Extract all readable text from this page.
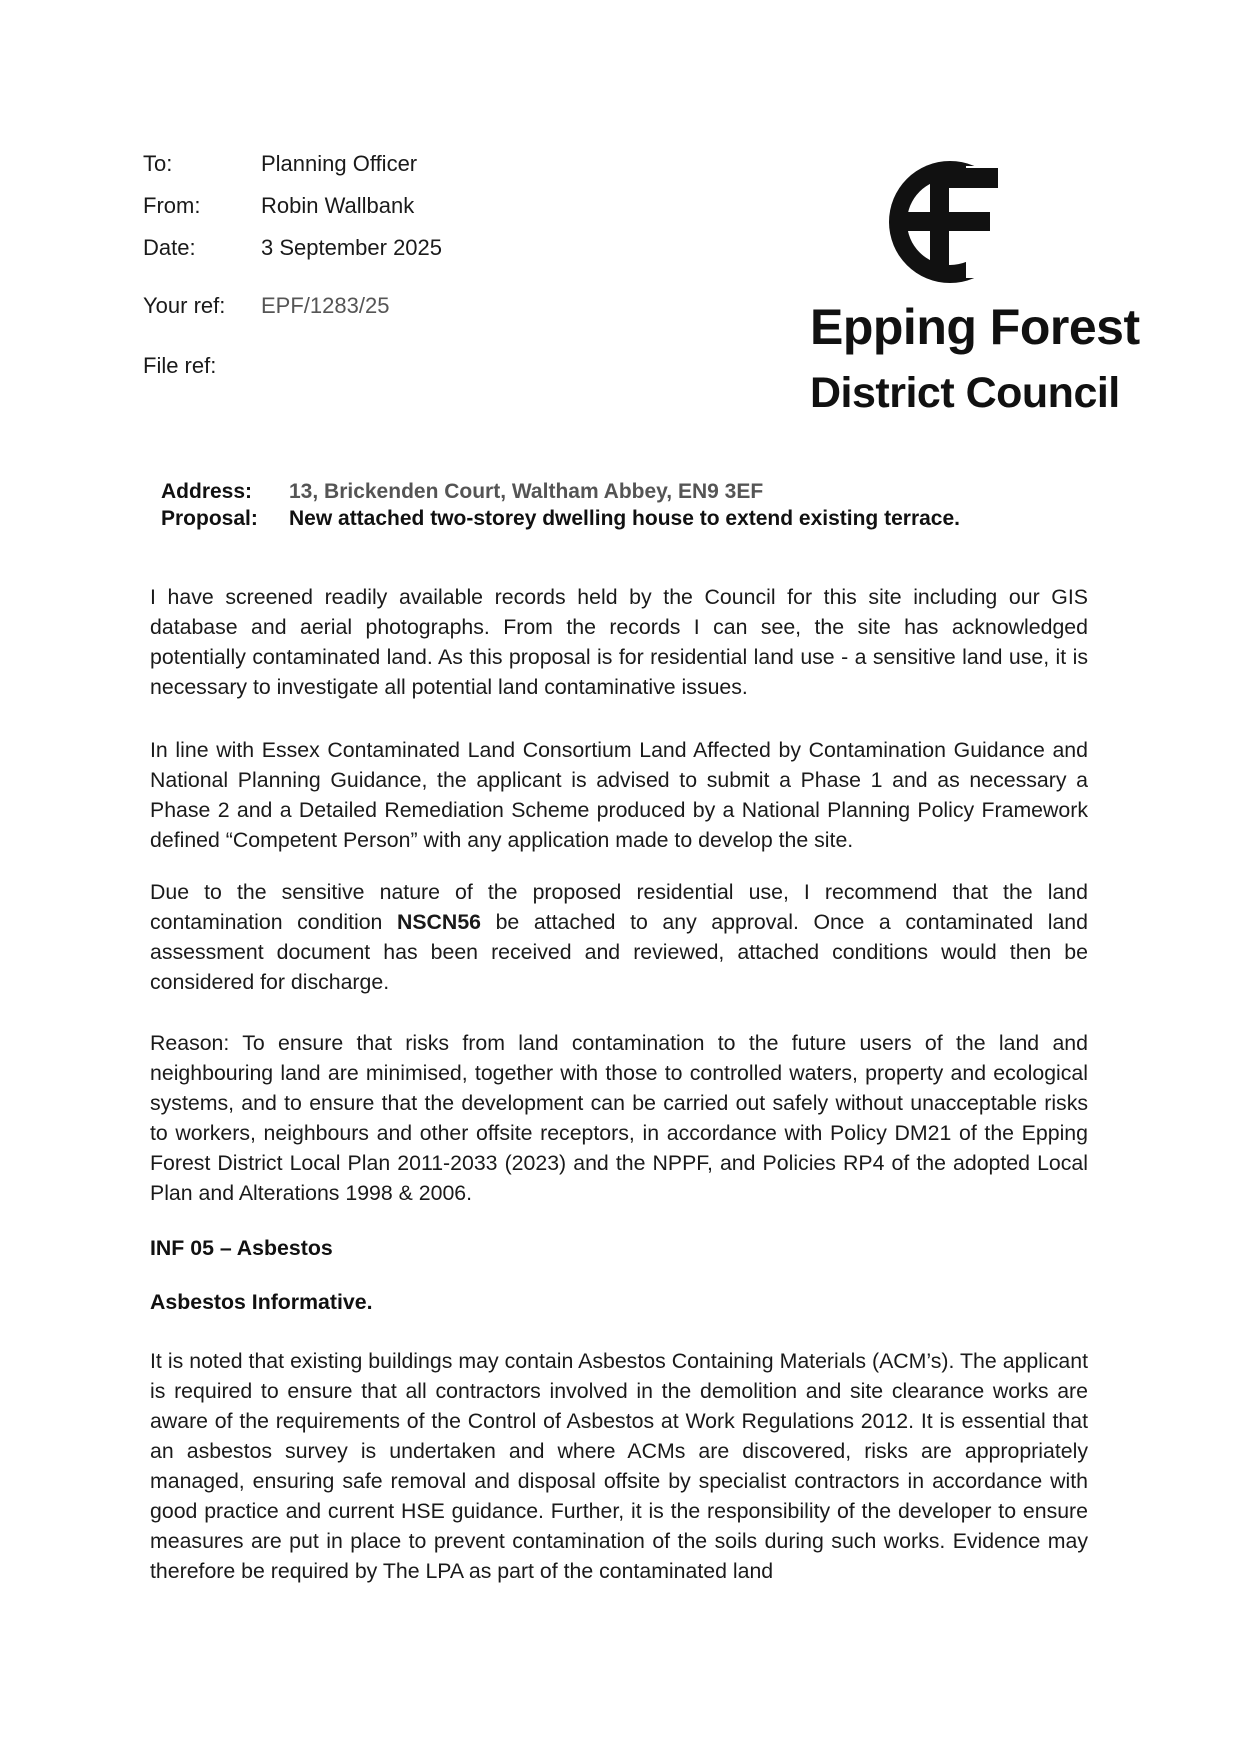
To:	Planning Officer
From:	Robin Wallbank
Date:	3 September 2025
Your ref: EPF/1283/25
File ref:
Epping Forest
District Council
Address: 13, Brickenden Court, Waltham Abbey, EN9 3EF
Proposal: New attached two-storey dwelling house to extend existing terrace.

I have screened readily available records held by the Council for this site including our GIS database and aerial photographs. From the records I can see, the site has acknowledged potentially contaminated land. As this proposal is for residential land use - a sensitive land use, it is necessary to investigate all potential land contaminative issues.

In line with Essex Contaminated Land Consortium Land Affected by Contamination Guidance and National Planning Guidance, the applicant is advised to submit a Phase 1 and as necessary a Phase 2 and a Detailed Remediation Scheme produced by a National Planning Policy Framework defined “Competent Person” with any application made to develop the site.

Due to the sensitive nature of the proposed residential use, I recommend that the land contamination condition NSCN56 be attached to any approval. Once a contaminated land assessment document has been received and reviewed, attached conditions would then be considered for discharge.

Reason: To ensure that risks from land contamination to the future users of the land and neighbouring land are minimised, together with those to controlled waters, property and ecological systems, and to ensure that the development can be carried out safely without unacceptable risks to workers, neighbours and other offsite receptors, in accordance with Policy DM21 of the Epping Forest District Local Plan 2011-2033 (2023) and the NPPF, and Policies RP4 of the adopted Local Plan and Alterations 1998 & 2006.

INF 05 – Asbestos
Asbestos Informative.

It is noted that existing buildings may contain Asbestos Containing Materials (ACM’s). The applicant is required to ensure that all contractors involved in the demolition and site clearance works are aware of the requirements of the Control of Asbestos at Work Regulations 2012. It is essential that an asbestos survey is undertaken and where ACMs are discovered, risks are appropriately managed, ensuring safe removal and disposal offsite by specialist contractors in accordance with good practice and current HSE guidance. Further, it is the responsibility of the developer to ensure measures are put in place to prevent contamination of the soils during such works. Evidence may therefore be required by The LPA as part of the contaminated land
